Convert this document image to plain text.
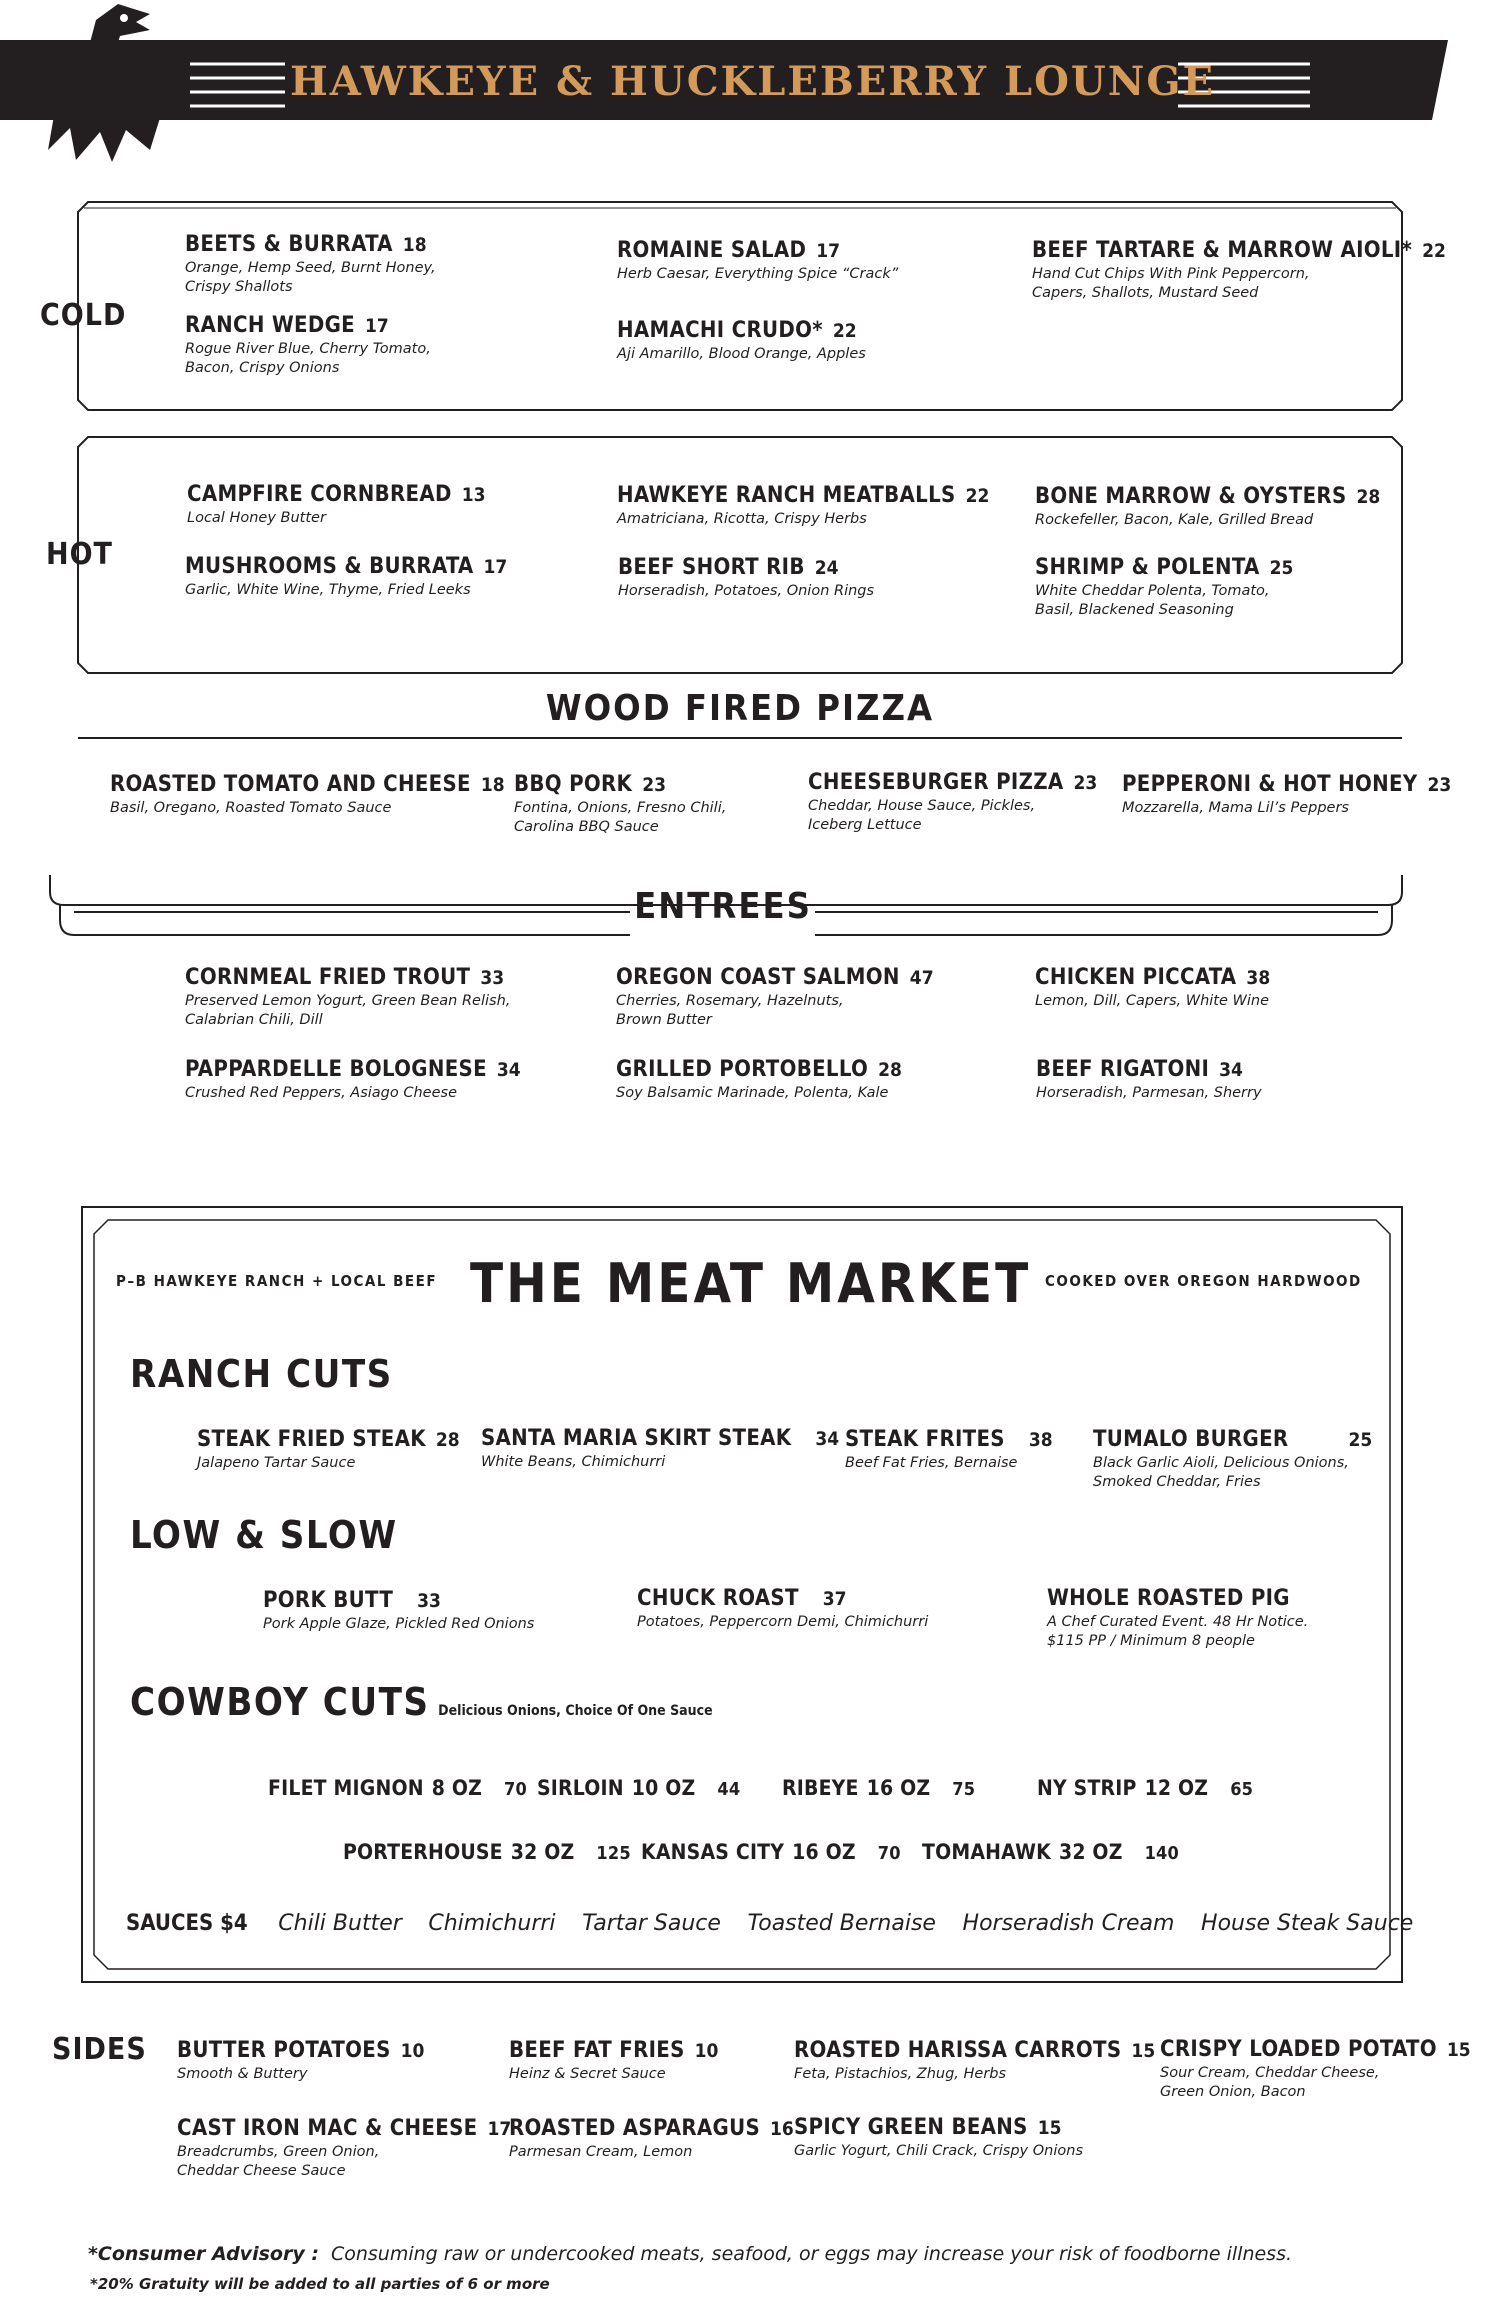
HAWKEYE & HUCKLEBERRY LOUNGE
COLD
BEETS & BURRATA 18
Orange, Hemp Seed, Burnt Honey,
Crispy Shallots
RANCH WEDGE 17
Rogue River Blue, Cherry Tomato,
Bacon, Crispy Onions
ROMAINE SALAD 17
Herb Caesar, Everything Spice “Crack”
HAMACHI CRUDO* 22
Aji Amarillo, Blood Orange, Apples
BEEF TARTARE & MARROW AIOLI* 22
Hand Cut Chips With Pink Peppercorn,
Capers, Shallots, Mustard Seed
HOT
CAMPFIRE CORNBREAD 13
Local Honey Butter
MUSHROOMS & BURRATA 17
Garlic, White Wine, Thyme, Fried Leeks
HAWKEYE RANCH MEATBALLS 22
Amatriciana, Ricotta, Crispy Herbs
BEEF SHORT RIB 24
Horseradish, Potatoes, Onion Rings
BONE MARROW & OYSTERS 28
Rockefeller, Bacon, Kale, Grilled Bread
SHRIMP & POLENTA 25
White Cheddar Polenta, Tomato,
Basil, Blackened Seasoning
WOOD FIRED PIZZA
ROASTED TOMATO AND CHEESE 18
Basil, Oregano, Roasted Tomato Sauce
BBQ PORK 23
Fontina, Onions, Fresno Chili,
Carolina BBQ Sauce
CHEESEBURGER PIZZA 23
Cheddar, House Sauce, Pickles,
Iceberg Lettuce
PEPPERONI & HOT HONEY 23
Mozzarella, Mama Lil’s Peppers
ENTREES
CORNMEAL FRIED TROUT 33
Preserved Lemon Yogurt, Green Bean Relish,
Calabrian Chili, Dill
PAPPARDELLE BOLOGNESE 34
Crushed Red Peppers, Asiago Cheese
OREGON COAST SALMON 47
Cherries, Rosemary, Hazelnuts,
Brown Butter
GRILLED PORTOBELLO 28
Soy Balsamic Marinade, Polenta, Kale
CHICKEN PICCATA 38
Lemon, Dill, Capers, White Wine
BEEF RIGATONI 34
Horseradish, Parmesan, Sherry
P–B HAWKEYE RANCH + LOCAL BEEF THE MEAT MARKET COOKED OVER OREGON HARDWOOD
RANCH CUTS
STEAK FRIED STEAK 28
Jalapeno Tartar Sauce
SANTA MARIA SKIRT STEAK 34
White Beans, Chimichurri
STEAK FRITES 38
Beef Fat Fries, Bernaise
TUMALO BURGER	25
Black Garlic Aioli, Delicious Onions,
Smoked Cheddar, Fries
LOW & SLOW
PORK BUTT 33
Pork Apple Glaze, Pickled Red Onions
CHUCK ROAST 37
Potatoes, Peppercorn Demi, Chimichurri
WHOLE ROASTED PIG
A Chef Curated Event. 48 Hr Notice.
$115 PP / Minimum 8 people
COWBOY CUTS Delicious Onions, Choice Of One Sauce
FILET MIGNON 8 OZ 70 SIRLOIN 10 OZ 44 RIBEYE 16 OZ 75	NY STRIP 12 OZ 65
PORTERHOUSE 32 OZ 125 KANSAS CITY 16 OZ 70 TOMAHAWK 32 OZ 140
SAUCES $4 Chili Butter Chimichurri Tartar Sauce Toasted Bernaise Horseradish Cream House Steak Sauce
SIDES BUTTER POTATOES 10
Smooth & Buttery
CAST IRON MAC & CHEESE 17
Breadcrumbs, Green Onion,
Cheddar Cheese Sauce
BEEF FAT FRIES 10
Heinz & Secret Sauce
ROASTED ASPARAGUS 16
Parmesan Cream, Lemon
ROASTED HARISSA CARROTS 15
Feta, Pistachios, Zhug, Herbs
SPICY GREEN BEANS 15
Garlic Yogurt, Chili Crack, Crispy Onions
CRISPY LOADED POTATO 15
Sour Cream, Cheddar Cheese,
Green Onion, Bacon
*Consumer Advisory : Consuming raw or undercooked meats, seafood, or eggs may increase your risk of foodborne illness.
*20% Gratuity will be added to all parties of 6 or more
